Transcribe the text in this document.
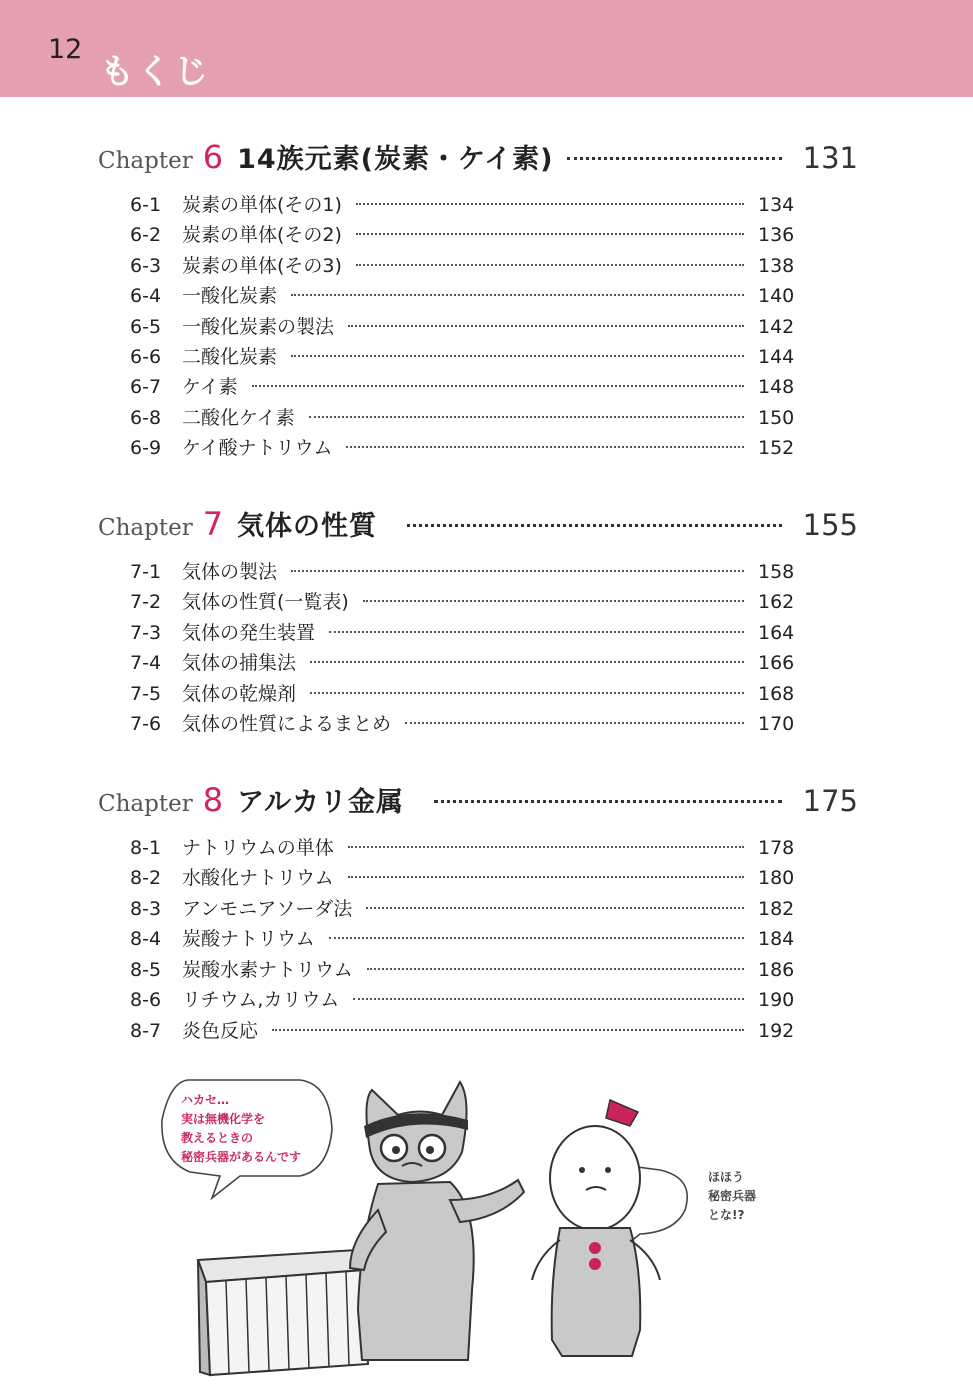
12
もくじ
Chapter 6 14族元素(炭素・ケイ素)	131
6-1	炭素の単体(その1)	134
6-2	炭素の単体(その2)	136
6-3	炭素の単体(その3)	138
6-4	一酸化炭素	140
6-5	一酸化炭素の製法	142
6-6	二酸化炭素	144
6-7	ケイ素	148
6-8	二酸化ケイ素	150
6-9	ケイ酸ナトリウム	152
Chapter 7 気体の性質	155
7-1	気体の製法	158
7-2	気体の性質(一覧表)	162
7-3	気体の発生装置	164
7-4	気体の捕集法	166
7-5	気体の乾燥剤	168
7-6	気体の性質によるまとめ	170
Chapter 8 アルカリ金属	175
8-1	ナトリウムの単体	178
8-2	水酸化ナトリウム	180
8-3	アンモニアソーダ法	182
8-4	炭酸ナトリウム	184
8-5	炭酸水素ナトリウム	186
8-6	リチウム,カリウム	190
8-7	炎色反応	192
ハカセ…
実は無機化学を
教えるときの
秘密兵器があるんです
ほほう
秘密兵器
とな!?
